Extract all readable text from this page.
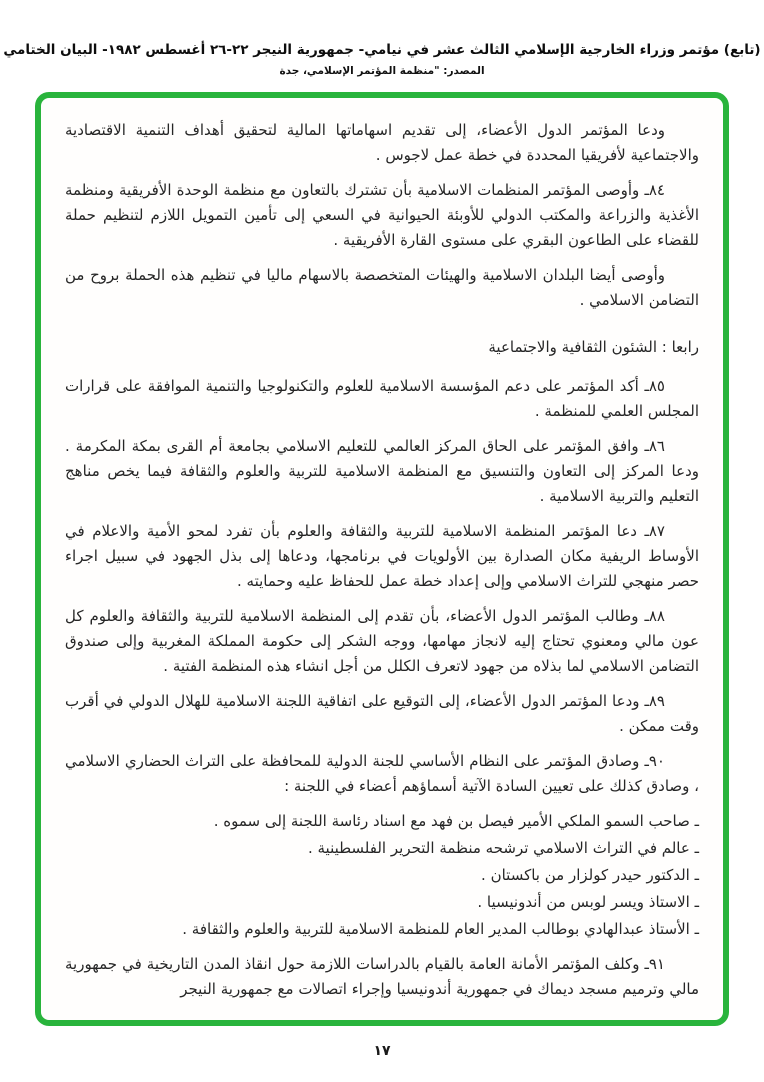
(تابع) مؤتمر وزراء الخارجية الإسلامي الثالث عشر في نيامي- جمهورية النيجر ٢٢-٢٦ أغسطس ١٩٨٢- البيان الختامي
المصدر: "منظمة المؤتمر الإسلامي، جدة
ودعا المؤتمر الدول الأعضاء، إلى تقديم اسهاماتها المالية لتحقيق أهداف التنمية الاقتصادية والاجتماعية لأفريقيا المحددة في خطة عمل لاجوس .
٨٤ـ وأوصى المؤتمر المنظمات الاسلامية بأن تشترك بالتعاون مع منظمة الوحدة الأفريقية ومنظمة الأغذية والزراعة والمكتب الدولي للأوبئة الحيوانية في السعي إلى تأمين التمويل اللازم لتنظيم حملة للقضاء على الطاعون البقري على مستوى القارة الأفريقية .
وأوصى أيضا البلدان الاسلامية والهيئات المتخصصة بالاسهام ماليا في تنظيم هذه الحملة بروح من التضامن الاسلامي .
رابعا : الشئون الثقافية والاجتماعية
٨٥ـ أكد المؤتمر على دعم المؤسسة الاسلامية للعلوم والتكنولوجيا والتنمية الموافقة على قرارات المجلس العلمي للمنظمة .
٨٦ـ وافق المؤتمر على الحاق المركز العالمي للتعليم الاسلامي بجامعة أم القرى بمكة المكرمة . ودعا المركز إلى التعاون والتنسيق مع المنظمة الاسلامية للتربية والعلوم والثقافة فيما يخص مناهج التعليم والتربية الاسلامية .
٨٧ـ دعا المؤتمر المنظمة الاسلامية للتربية والثقافة والعلوم بأن تفرد لمحو الأمية والاعلام في الأوساط الريفية مكان الصدارة بين الأولويات في برنامجها، ودعاها إلى بذل الجهود في سبيل اجراء حصر منهجي للتراث الاسلامي وإلى إعداد خطة عمل للحفاظ عليه وحمايته .
٨٨ـ وطالب المؤتمر الدول الأعضاء، بأن تقدم إلى المنظمة الاسلامية للتربية والثقافة والعلوم كل عون مالي ومعنوي تحتاج إليه لانجاز مهامها، ووجه الشكر إلى حكومة المملكة المغربية وإلى صندوق التضامن الاسلامي لما بذلاه من جهود لاتعرف الكلل من أجل انشاء هذه المنظمة الفتية .
٨٩ـ ودعا المؤتمر الدول الأعضاء، إلى التوقيع على اتفاقية اللجنة الاسلامية للهلال الدولي في أقرب وقت ممكن .
٩٠ـ وصادق المؤتمر على النظام الأساسي للجنة الدولية للمحافظة على التراث الحضاري الاسلامي ، وصادق كذلك على تعيين السادة الآتية أسماؤهم أعضاء في اللجنة :
ـ صاحب السمو الملكي الأمير فيصل بن فهد مع اسناد رئاسة اللجنة إلى سموه .
ـ عالم في التراث الاسلامي ترشحه منظمة التحرير الفلسطينية .
ـ الدكتور حيدر كولزار من باكستان .
ـ الاستاذ ويسر لوبس من أندونيسيا .
ـ الأستاذ عبدالهادي بوطالب المدير العام للمنظمة الاسلامية للتربية والعلوم والثقافة .
٩١ـ وكلف المؤتمر الأمانة العامة بالقيام بالدراسات اللازمة حول انقاذ المدن التاريخية في جمهورية مالي وترميم مسجد ديماك في جمهورية أندونيسيا وإجراء اتصالات مع جمهورية النيجر
١٧
